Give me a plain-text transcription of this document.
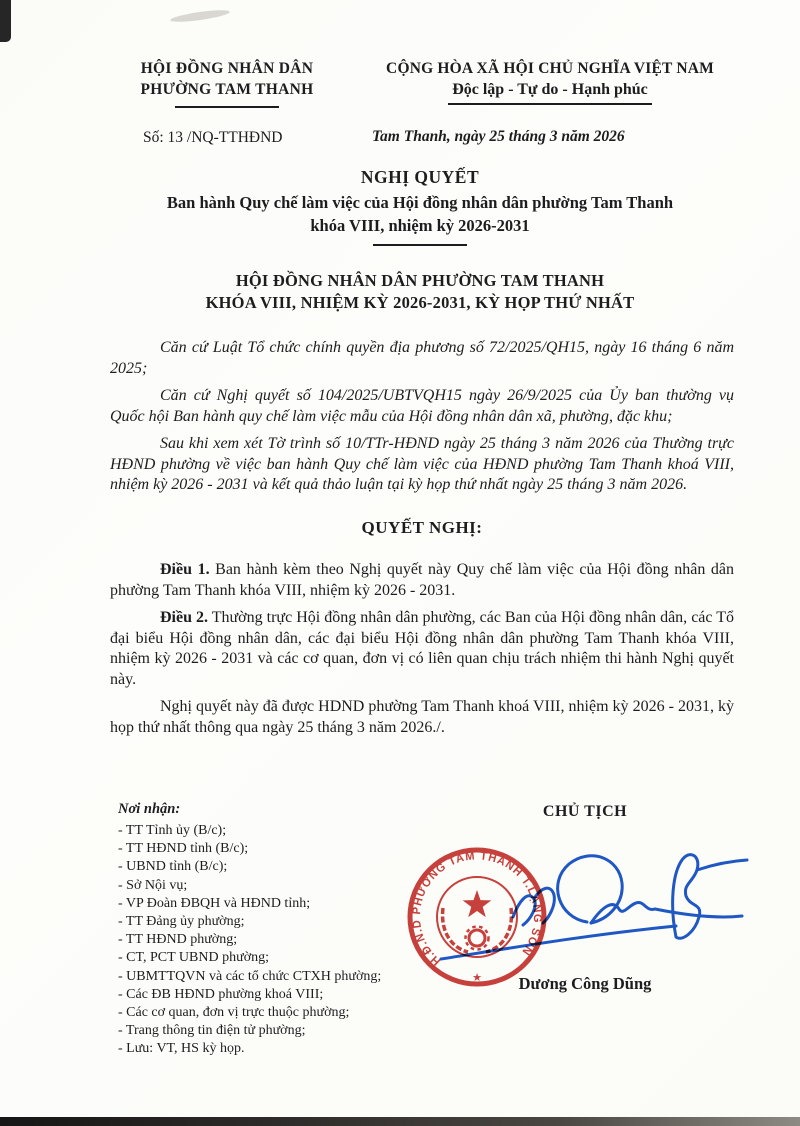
HỘI ĐỒNG NHÂN DÂN
PHƯỜNG TAM THANH
CỘNG HÒA XÃ HỘI CHỦ NGHĨA VIỆT NAM
Độc lập - Tự do - Hạnh phúc
Số: 13 /NQ-TTHĐND	Tam Thanh, ngày 25 tháng 3 năm 2026
NGHỊ QUYẾT
Ban hành Quy chế làm việc của Hội đồng nhân dân phường Tam Thanh
khóa VIII, nhiệm kỳ 2026-2031
HỘI ĐỒNG NHÂN DÂN PHƯỜNG TAM THANH
KHÓA VIII, NHIỆM KỲ 2026-2031, KỲ HỌP THỨ NHẤT

Căn cứ Luật Tổ chức chính quyền địa phương số 72/2025/QH15, ngày 16 tháng 6 năm 2025;

Căn cứ Nghị quyết số 104/2025/UBTVQH15 ngày 26/9/2025 của Ủy ban thường vụ Quốc hội Ban hành quy chế làm việc mẫu của Hội đồng nhân dân xã, phường, đặc khu;

Sau khi xem xét Tờ trình số 10/TTr-HĐND ngày 25 tháng 3 năm 2026 của Thường trực HĐND phường về việc ban hành Quy chế làm việc của HĐND phường Tam Thanh khoá VIII, nhiệm kỳ 2026 - 2031 và kết quả thảo luận tại kỳ họp thứ nhất ngày 25 tháng 3 năm 2026.

QUYẾT NGHỊ:

Điều 1. Ban hành kèm theo Nghị quyết này Quy chế làm việc của Hội đồng nhân dân phường Tam Thanh khóa VIII, nhiệm kỳ 2026 - 2031.

Điều 2. Thường trực Hội đồng nhân dân phường, các Ban của Hội đồng nhân dân, các Tổ đại biểu Hội đồng nhân dân, các đại biểu Hội đồng nhân dân phường Tam Thanh khóa VIII, nhiệm kỳ 2026 - 2031 và các cơ quan, đơn vị có liên quan chịu trách nhiệm thi hành Nghị quyết này.

Nghị quyết này đã được HDND phường Tam Thanh khoá VIII, nhiệm kỳ 2026 - 2031, kỳ họp thứ nhất thông qua ngày 25 tháng 3 năm 2026./.

Nơi nhận:
- TT Tỉnh ủy (B/c);
- TT HĐND tỉnh (B/c);
- UBND tỉnh (B/c);
- Sở Nội vụ;
- VP Đoàn ĐBQH và HĐND tỉnh;
- TT Đảng ủy phường;
- TT HĐND phường;
- CT, PCT UBND phường;
- UBMTTQVN và các tổ chức CTXH phường;
- Các ĐB HĐND phường khoá VIII;
- Các cơ quan, đơn vị trực thuộc phường;
- Trang thông tin điện tử phường;
- Lưu: VT, HS kỳ họp.
CHỦ TỊCH
H.Đ.N.D PHƯỜNG TAM THANH T.LẠNG SƠN
★	Dương Công Dũng
